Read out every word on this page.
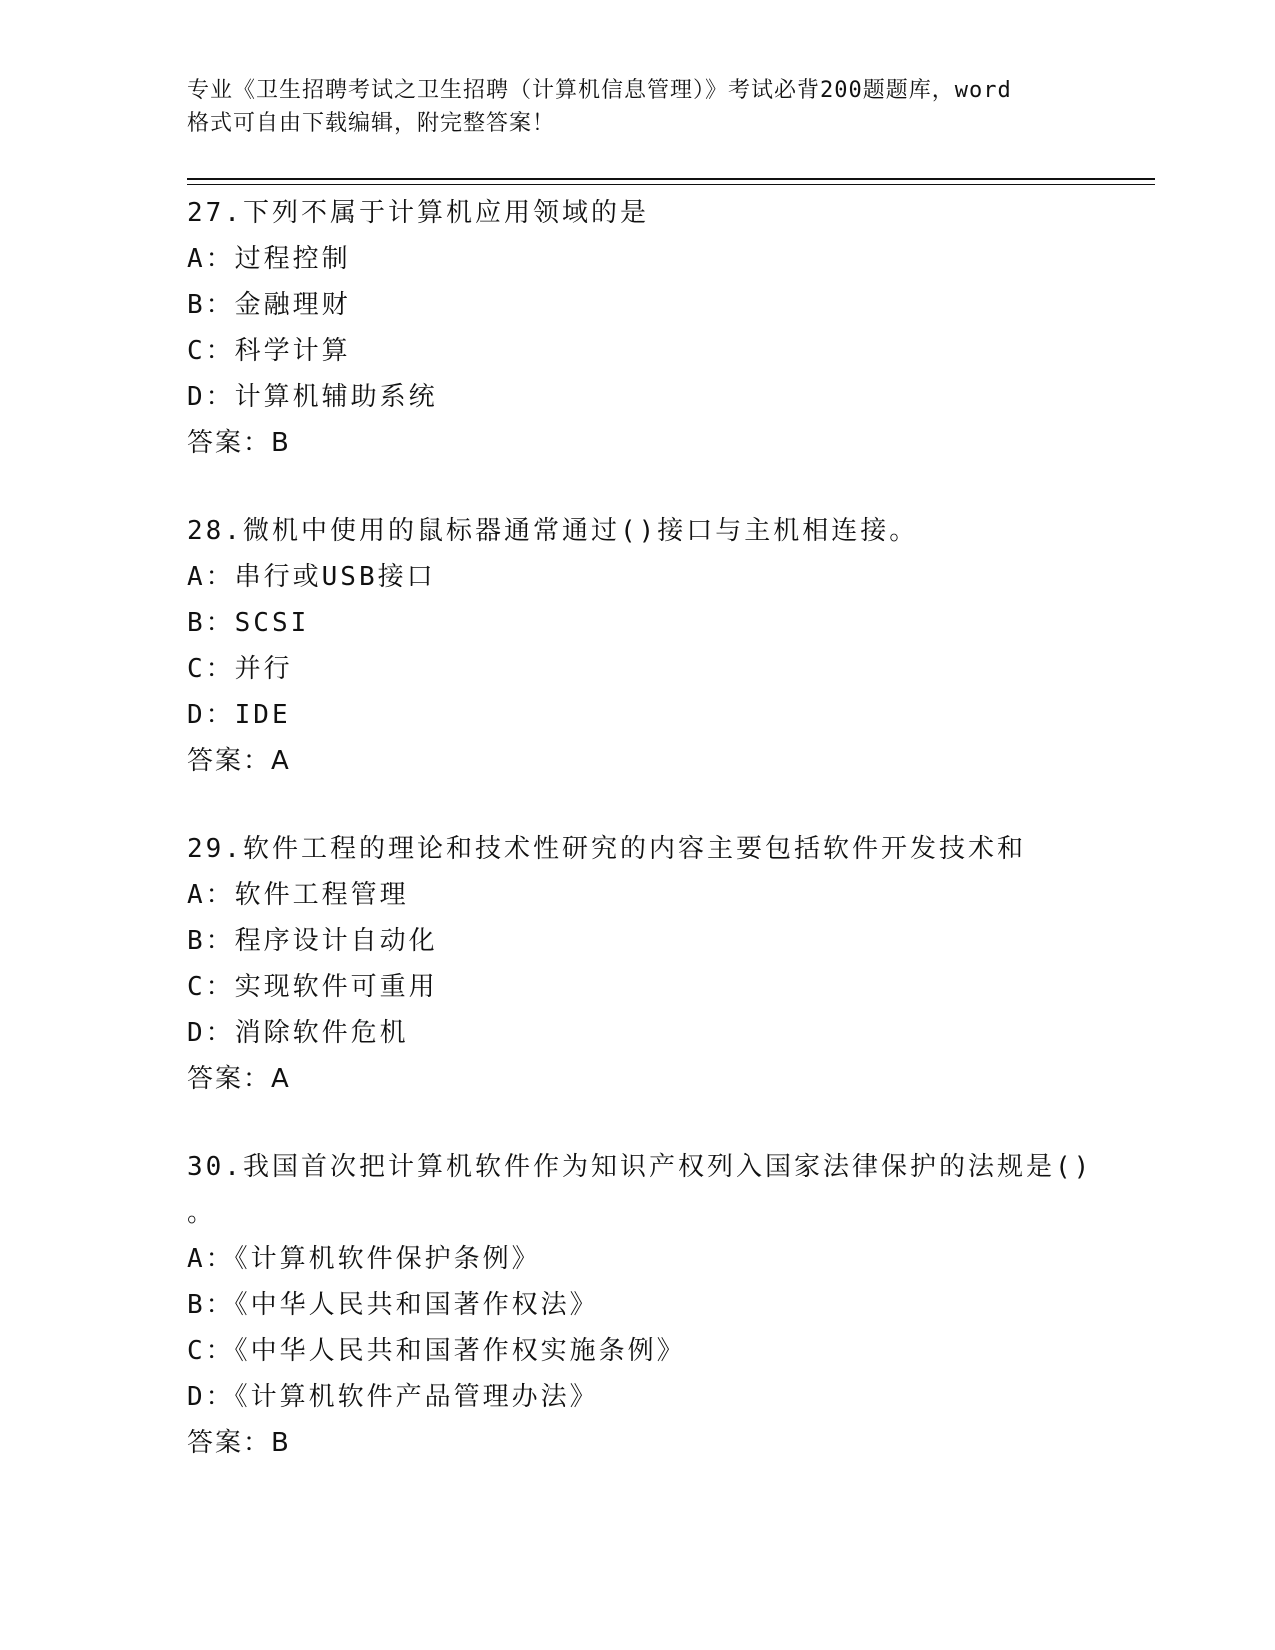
专业《卫生招聘考试之卫生招聘（计算机信息管理）》考试必背200题题库，word
格式可自由下载编辑，附完整答案！
27.下列不属于计算机应用领域的是
A：过程控制
B：金融理财
C：科学计算
D：计算机辅助系统
答案：B
28.微机中使用的鼠标器通常通过()接口与主机相连接。
A：串行或USB接口
B：SCSI
C：并行
D：IDE
答案：A
29.软件工程的理论和技术性研究的内容主要包括软件开发技术和
A：软件工程管理
B：程序设计自动化
C：实现软件可重用
D：消除软件危机
答案：A
30.我国首次把计算机软件作为知识产权列入国家法律保护的法规是()
。
A：《计算机软件保护条例》
B：《中华人民共和国著作权法》
C：《中华人民共和国著作权实施条例》
D：《计算机软件产品管理办法》
答案：B
